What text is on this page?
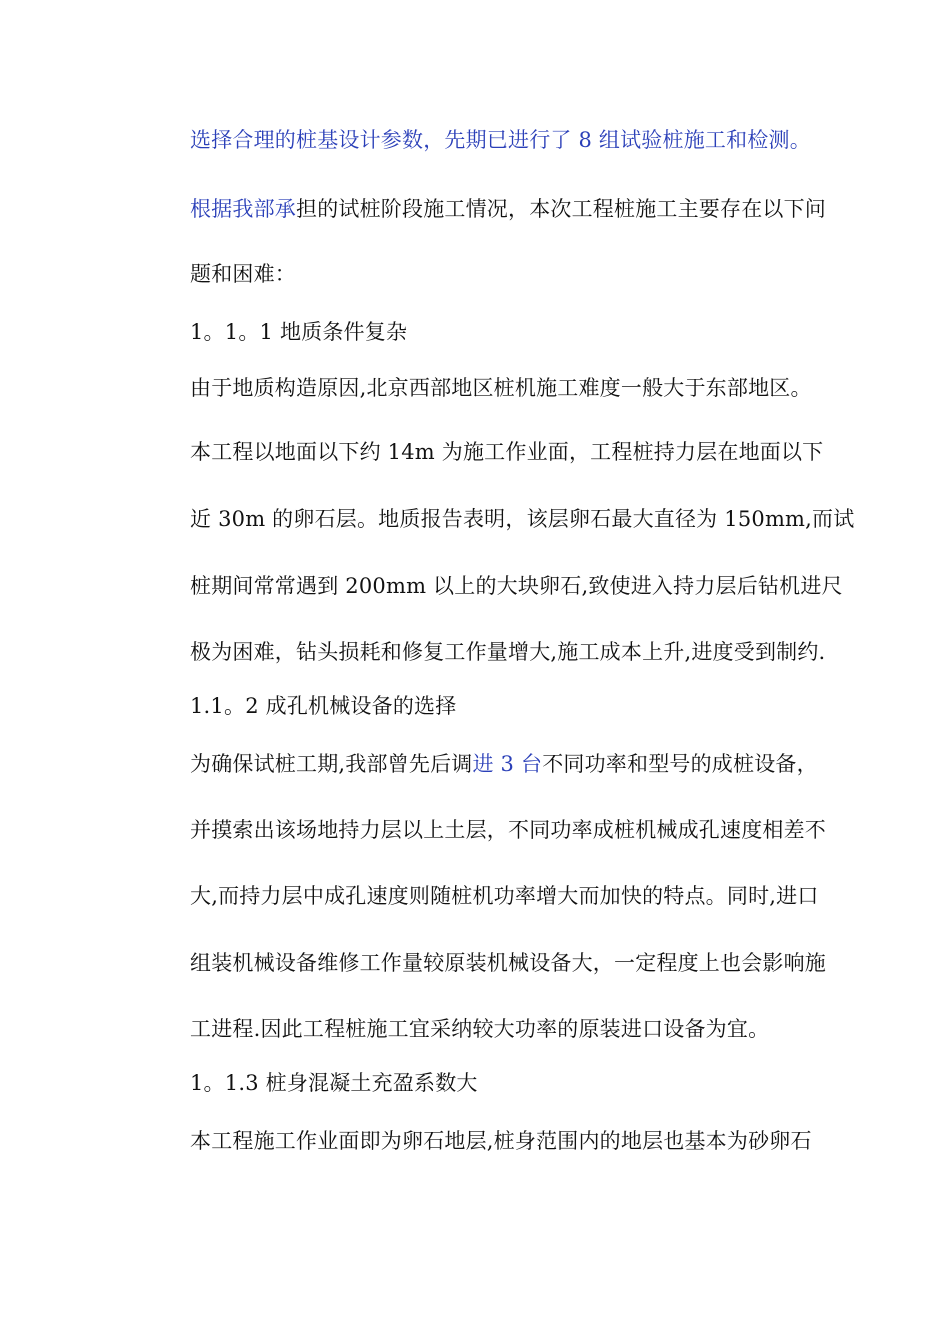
选择合理的桩基设计参数，先期已进行了 8 组试验桩施工和检测。
根据我部承担的试桩阶段施工情况，本次工程桩施工主要存在以下问
题和困难：
1。1。1 地质条件复杂
由于地质构造原因,北京西部地区桩机施工难度一般大于东部地区。
本工程以地面以下约 14m 为施工作业面，工程桩持力层在地面以下
近 30m 的卵石层。地质报告表明，该层卵石最大直径为 150mm,而试
桩期间常常遇到 200mm 以上的大块卵石,致使进入持力层后钻机进尺
极为困难，钻头损耗和修复工作量增大,施工成本上升,进度受到制约.
1.1。2 成孔机械设备的选择
为确保试桩工期,我部曾先后调进 3 台不同功率和型号的成桩设备，
并摸索出该场地持力层以上土层，不同功率成桩机械成孔速度相差不
大,而持力层中成孔速度则随桩机功率增大而加快的特点。同时,进口
组装机械设备维修工作量较原装机械设备大，一定程度上也会影响施
工进程.因此工程桩施工宜采纳较大功率的原装进口设备为宜。
1。1.3 桩身混凝土充盈系数大
本工程施工作业面即为卵石地层,桩身范围内的地层也基本为砂卵石
